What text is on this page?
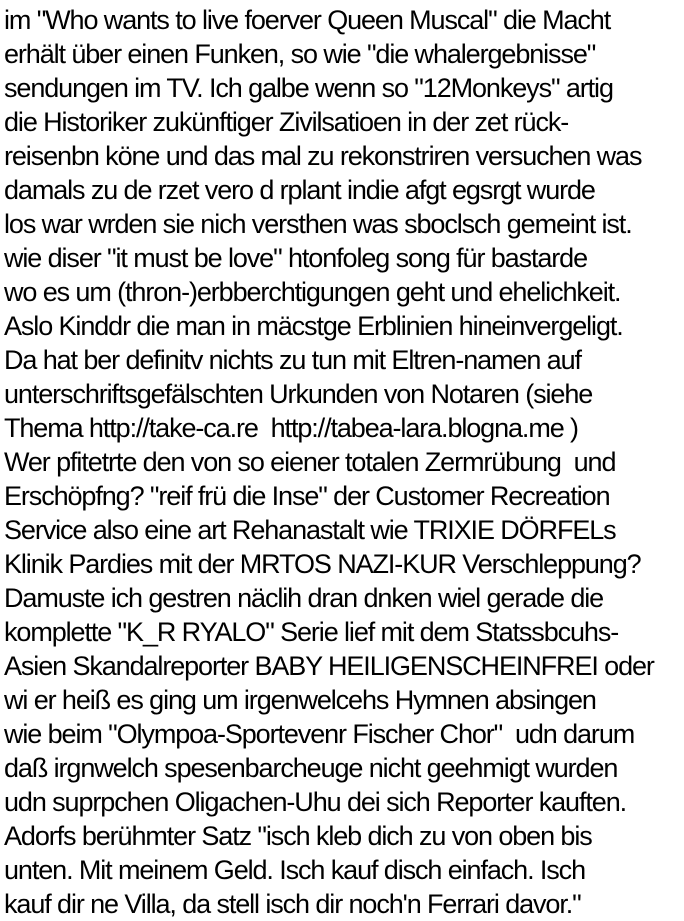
im "Who wants to live foerver Queen Muscal" die Macht
erhält über einen Funken, so wie "die whalergebnisse"
sendungen im TV. Ich galbe wenn so "12Monkeys" artig
die Historiker zukünftiger Zivilsatioen in der zet rück-
reisenbn köne und das mal zu rekonstriren versuchen was
damals zu de rzet vero d rplant indie afgt egsrgt wurde
los war wrden sie nich versthen was sboclsch gemeint ist.
wie diser "it must be love" htonfoleg song für bastarde
wo es um (thron-)erbberchtigungen geht und ehelichkeit.
Aslo Kinddr die man in mäcstge Erblinien hineinvergeligt.
Da hat ber definitv nichts zu tun mit Eltren-namen auf
unterschriftsgefälschten Urkunden von Notaren (siehe
Thema http://take-ca.re  http://tabea-lara.blogna.me )
Wer pfitetrte den von so eiener totalen Zermrübung  und
Erschöpfng? "reif frü die Inse" der Customer Recreation
Service also eine art Rehanastalt wie TRIXIE DÖRFELs
Klinik Pardies mit der MRTOS NAZI-KUR Verschleppung?
Damuste ich gestren näclih dran dnken wiel gerade die
komplette "K_R RYALO" Serie lief mit dem Statssbcuhs-
Asien Skandalreporter BABY HEILIGENSCHEINFREI oder
wi er heiß es ging um irgenwelcehs Hymnen absingen
wie beim "Olympoa-Sportevenr Fischer Chor"  udn darum
daß irgnwelch spesenbarcheuge nicht geehmigt wurden
udn suprpchen Oligachen-Uhu dei sich Reporter kauften.
Adorfs berühmter Satz "isch kleb dich zu von oben bis
unten. Mit meinem Geld. Isch kauf disch einfach. Isch
kauf dir ne Villa, da stell isch dir noch'n Ferrari davor."
